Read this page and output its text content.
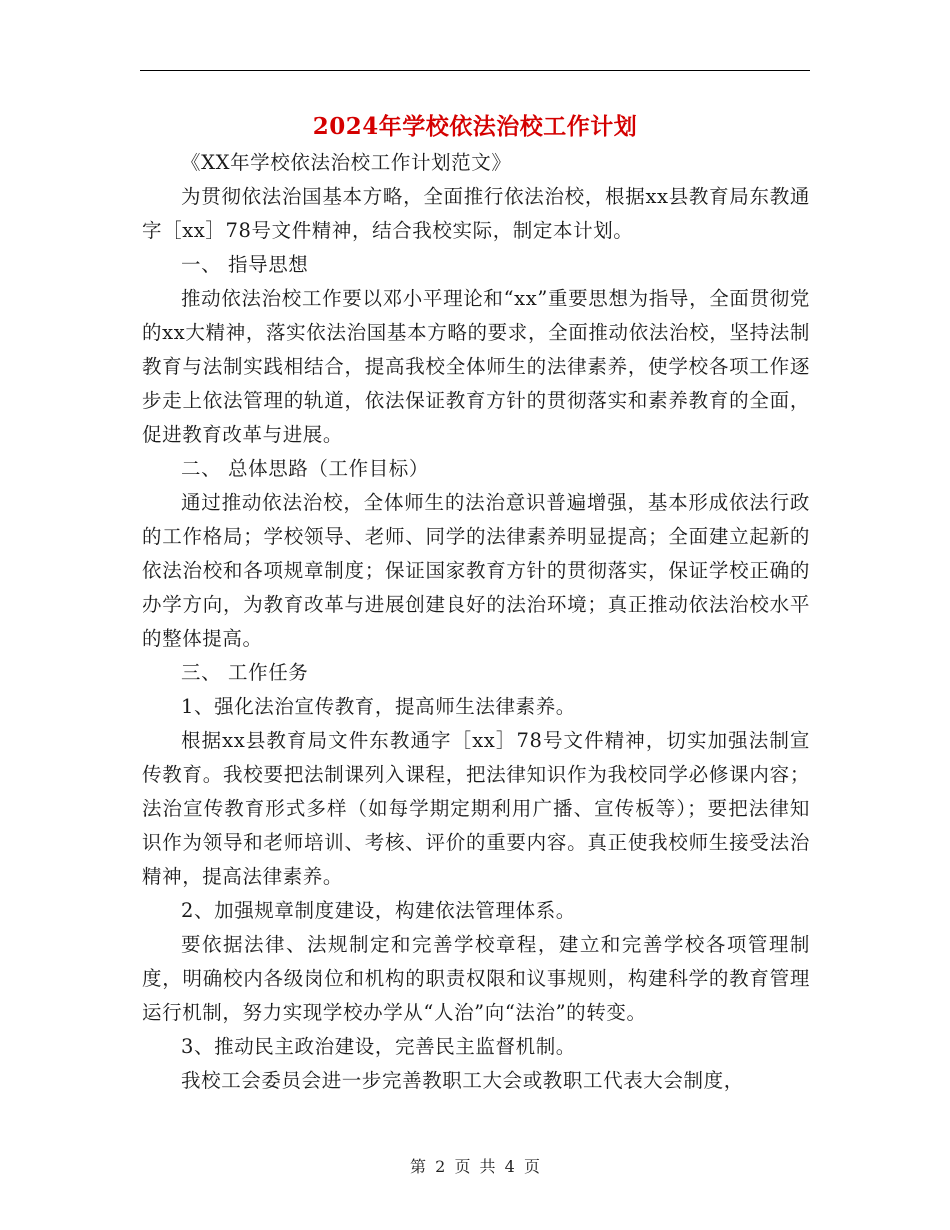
2024年学校依法治校工作计划

《XX年学校依法治校工作计划范文》

为贯彻依法治国基本方略，全面推行依法治校，根据xx县教育局东教通字［xx］78号文件精神，结合我校实际，制定本计划。

一、 指导思想

推动依法治校工作要以邓小平理论和“xx”重要思想为指导，全面贯彻党的xx大精神，落实依法治国基本方略的要求，全面推动依法治校，坚持法制教育与法制实践相结合，提高我校全体师生的法律素养，使学校各项工作逐步走上依法管理的轨道，依法保证教育方针的贯彻落实和素养教育的全面，促进教育改革与进展。

二、 总体思路（工作目标）

通过推动依法治校，全体师生的法治意识普遍增强，基本形成依法行政的工作格局；学校领导、老师、同学的法律素养明显提高；全面建立起新的依法治校和各项规章制度；保证国家教育方针的贯彻落实，保证学校正确的办学方向，为教育改革与进展创建良好的法治环境；真正推动依法治校水平的整体提高。

三、 工作任务

1、强化法治宣传教育，提高师生法律素养。

根据xx县教育局文件东教通字［xx］78号文件精神，切实加强法制宣传教育。我校要把法制课列入课程，把法律知识作为我校同学必修课内容；法治宣传教育形式多样（如每学期定期利用广播、宣传板等）；要把法律知识作为领导和老师培训、考核、评价的重要内容。真正使我校师生接受法治精神，提高法律素养。

2、加强规章制度建设，构建依法管理体系。

要依据法律、法规制定和完善学校章程，建立和完善学校各项管理制度，明确校内各级岗位和机构的职责权限和议事规则，构建科学的教育管理运行机制，努力实现学校办学从“人治”向“法治”的转变。

3、推动民主政治建设，完善民主监督机制。

我校工会委员会进一步完善教职工大会或教职工代表大会制度，

第 2 页 共 4 页
